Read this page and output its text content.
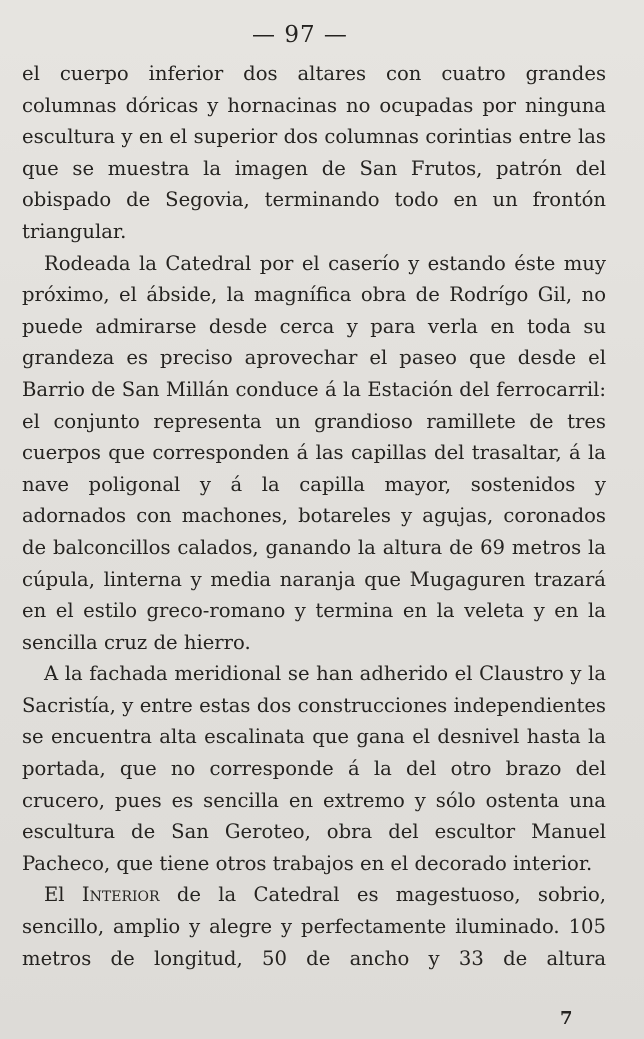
— 97 —

el cuerpo inferior dos altares con cuatro grandes columnas dóricas y hornacinas no ocupadas por ninguna escultura y en el superior dos columnas corintias entre las que se muestra la imagen de San Frutos, patrón del obispado de Segovia, terminando todo en un frontón triangular.

Rodeada la Catedral por el caserío y estando éste muy próximo, el ábside, la magnífica obra de Rodrígo Gil, no puede admirarse desde cerca y para verla en toda su grandeza es preciso aprovechar el paseo que desde el Barrio de San Millán conduce á la Estación del ferrocarril: el conjunto representa un grandioso ramillete de tres cuerpos que corresponden á las capillas del trasaltar, á la nave poligonal y á la capilla mayor, sostenidos y adornados con machones, botareles y agujas, coronados de balconcillos calados, ganando la altura de 69 metros la cúpula, linterna y media naranja que Mugaguren trazará en el estilo greco-romano y termina en la veleta y en la sencilla cruz de hierro.

A la fachada meridional se han adherido el Claustro y la Sacristía, y entre estas dos construcciones independientes se encuentra alta escalinata que gana el desnivel hasta la portada, que no corresponde á la del otro brazo del crucero, pues es sencilla en extremo y sólo ostenta una escultura de San Geroteo, obra del escultor Manuel Pacheco, que tiene otros trabajos en el decorado interior.

El Interior de la Catedral es magestuoso, sobrio, sencillo, amplio y alegre y perfectamente iluminado. 105 metros de longitud, 50 de ancho y 33 de altura

7
